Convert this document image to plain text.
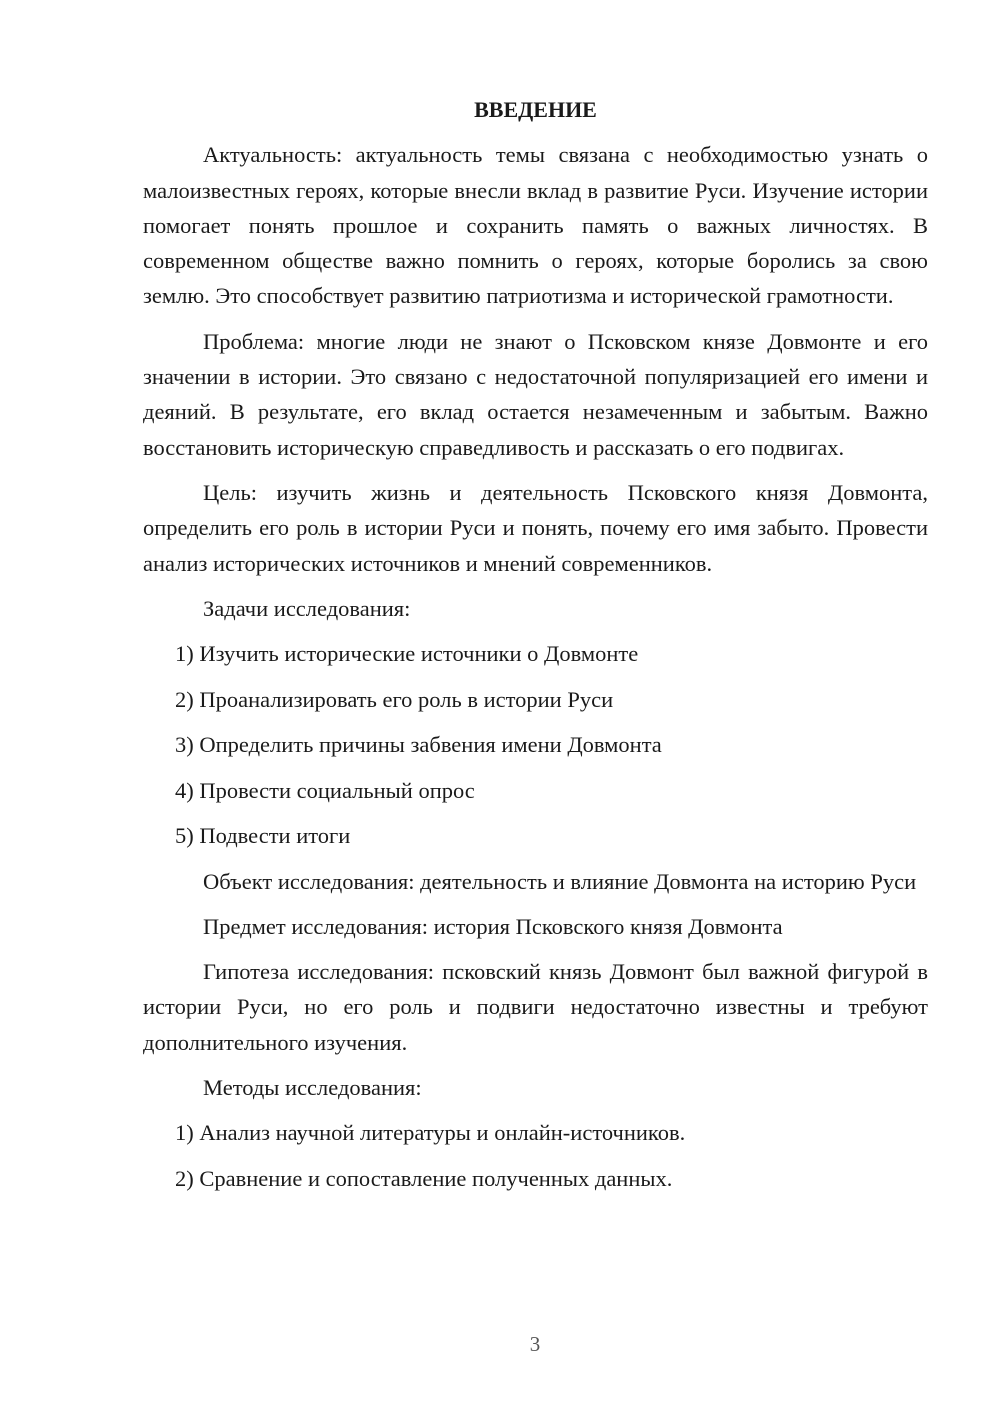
ВВЕДЕНИЕ

Актуальность: актуальность темы связана с необходимостью узнать о малоизвестных героях, которые внесли вклад в развитие Руси. Изучение истории помогает понять прошлое и сохранить память о важных личностях. В современном обществе важно помнить о героях, которые боролись за свою землю. Это способствует развитию патриотизма и исторической грамотности.

Проблема: многие люди не знают о Псковском князе Довмонте и его значении в истории. Это связано с недостаточной популяризацией его имени и деяний. В результате, его вклад остается незамеченным и забытым. Важно восстановить историческую справедливость и рассказать о его подвигах.

Цель: изучить жизнь и деятельность Псковского князя Довмонта, определить его роль в истории Руси и понять, почему его имя забыто. Провести анализ исторических источников и мнений современников.

Задачи исследования:

1) Изучить исторические источники о Довмонте
2) Проанализировать его роль в истории Руси
3) Определить причины забвения имени Довмонта
4) Провести социальный опрос
5) Подвести итоги

Объект исследования: деятельность и влияние Довмонта на историю Руси

Предмет исследования: история Псковского князя Довмонта

Гипотеза исследования: псковский князь Довмонт был важной фигурой в истории Руси, но его роль и подвиги недостаточно известны и требуют дополнительного изучения.

Методы исследования:

1) Анализ научной литературы и онлайн-источников.
2) Сравнение и сопоставление полученных данных.
3
